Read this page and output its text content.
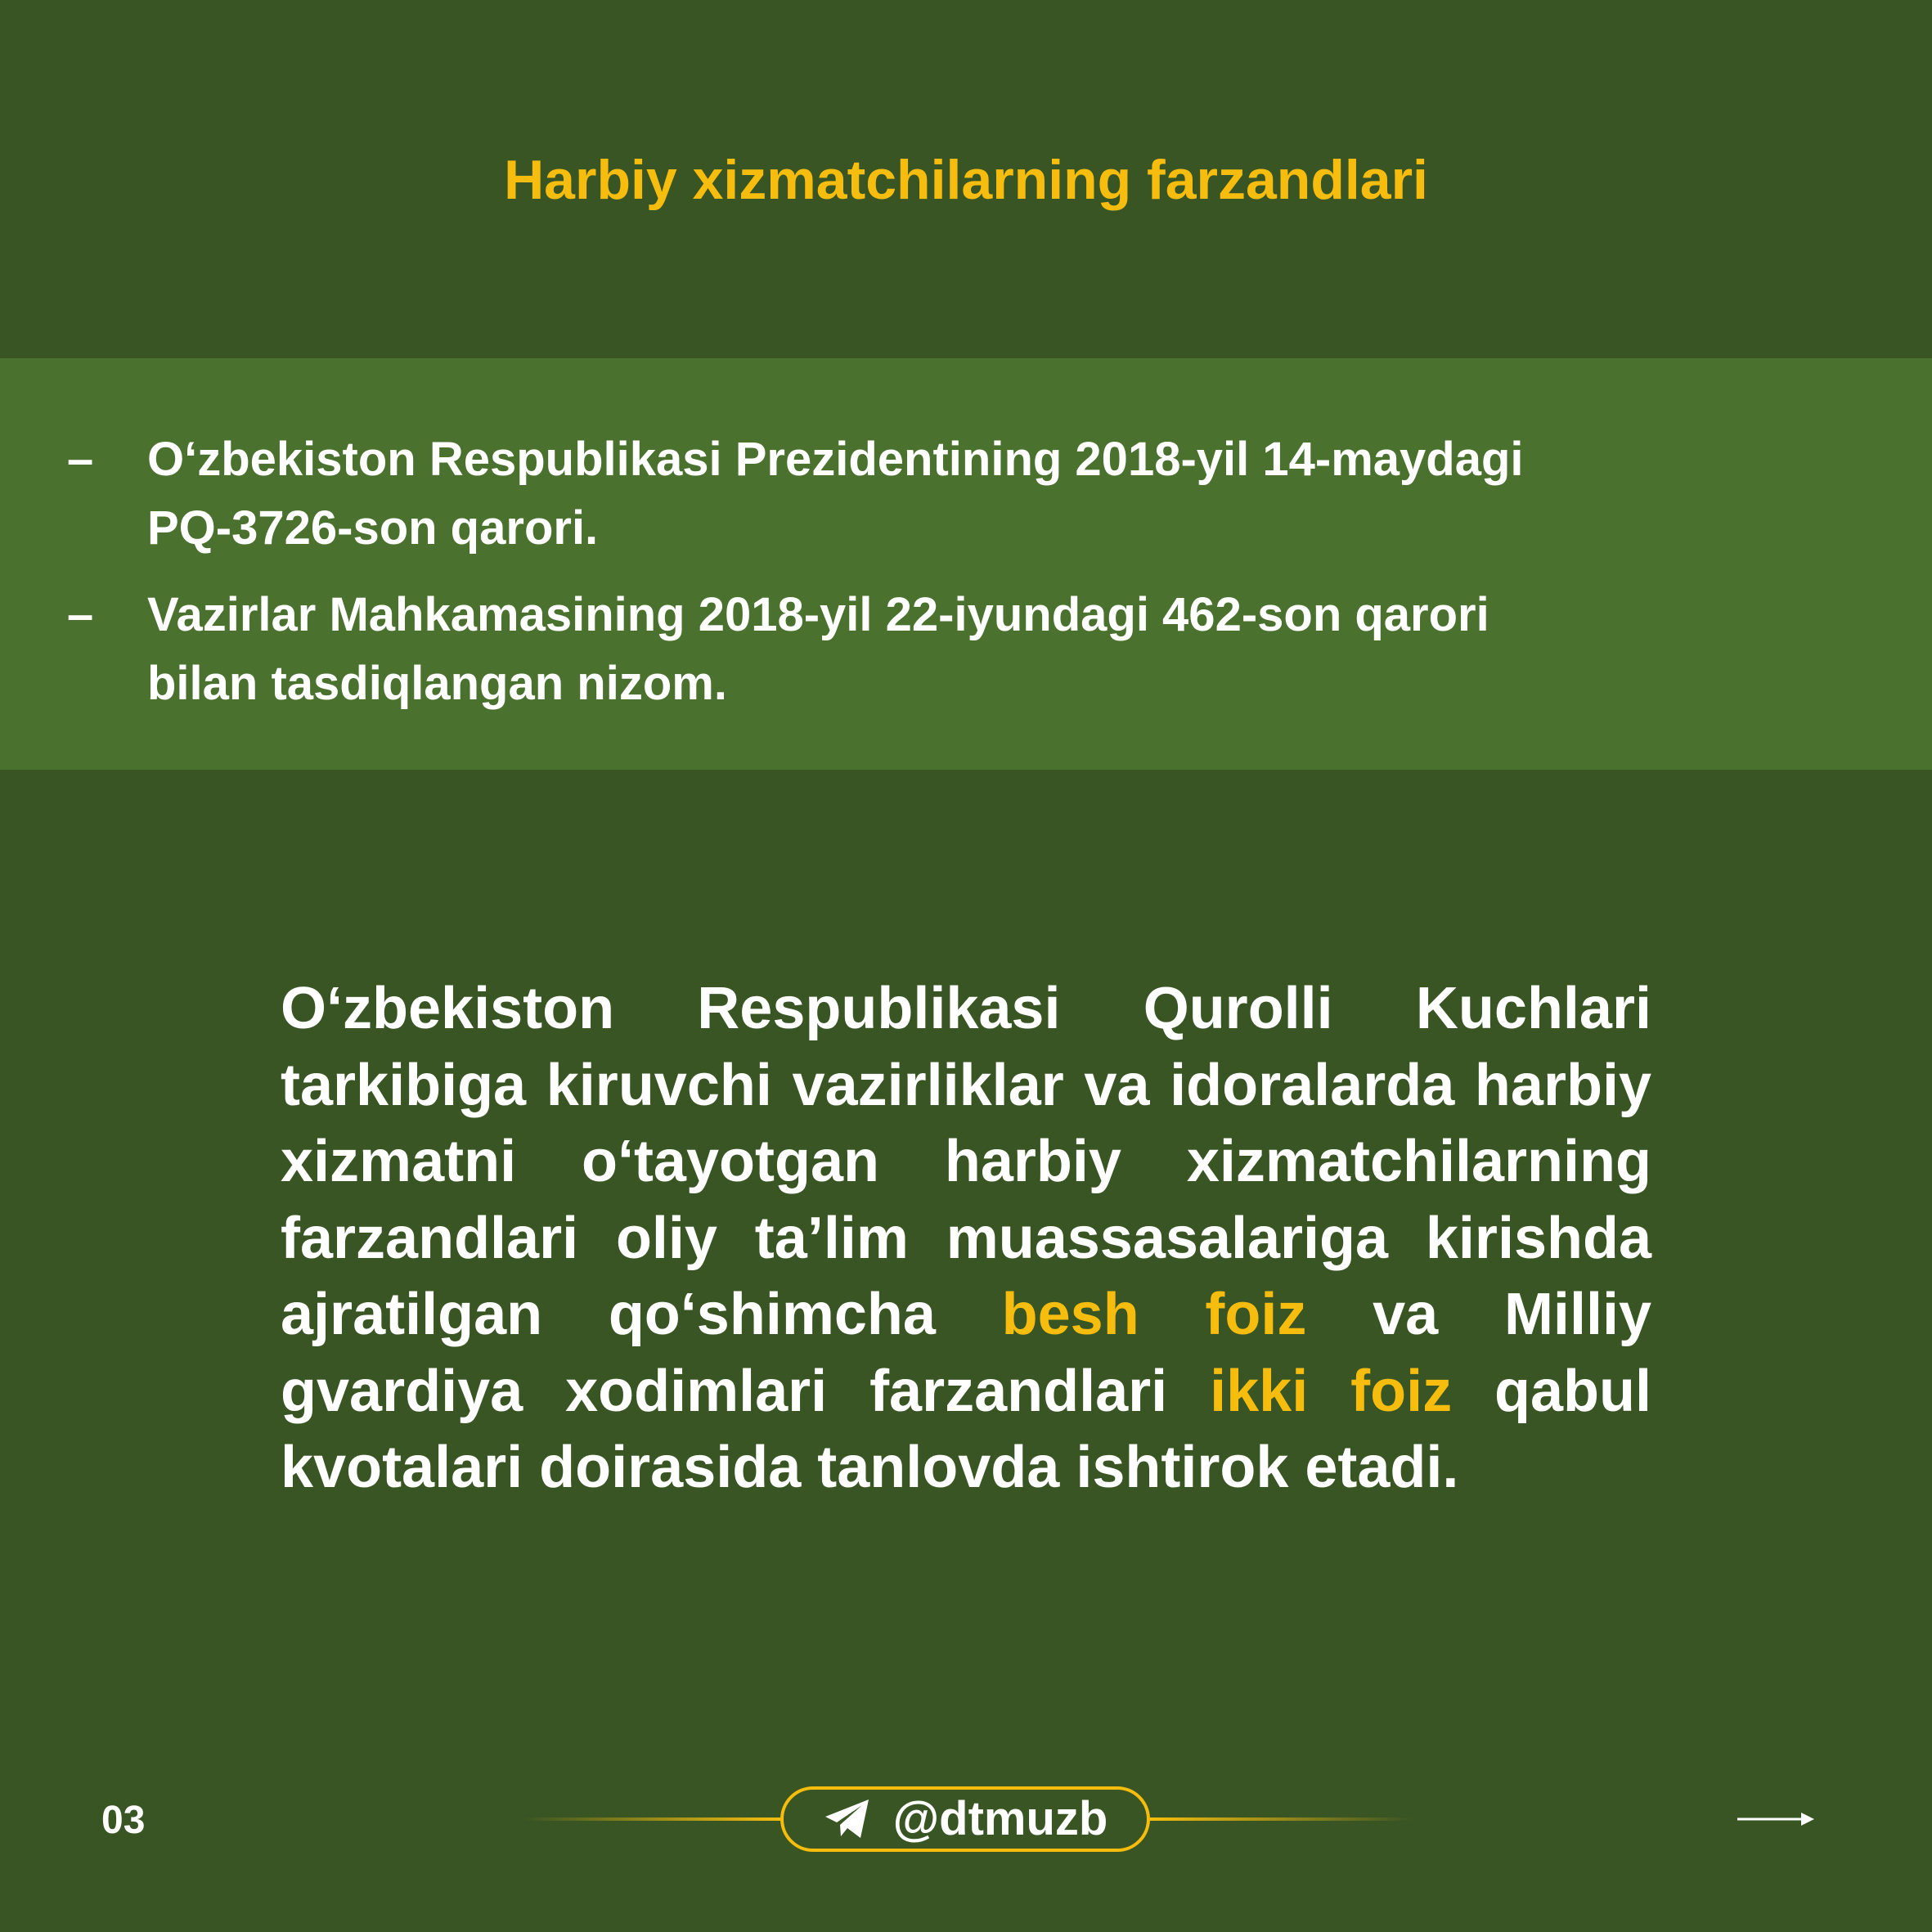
Harbiy xizmatchilarning farzandlari
– O‘zbekiston Respublikasi Prezidentining 2018-yil 14-maydagi
PQ-3726-son qarori.
– Vazirlar Mahkamasining 2018-yil 22-iyundagi 462-son qarori
bilan tasdiqlangan nizom.

O‘zbekiston Respublikasi Qurolli Kuchlari tarkibiga kiruvchi vazirliklar va idoralarda harbiy xizmatni o‘tayotgan harbiy xizmatchilarning farzandlari oliy ta’lim muassasalariga kirishda ajratilgan qo‘shimcha besh foiz va Milliy gvardiya xodimlari farzandlari ikki foiz qabul kvotalari doirasida tanlovda ishtirok etadi.

03	@dtmuzb
